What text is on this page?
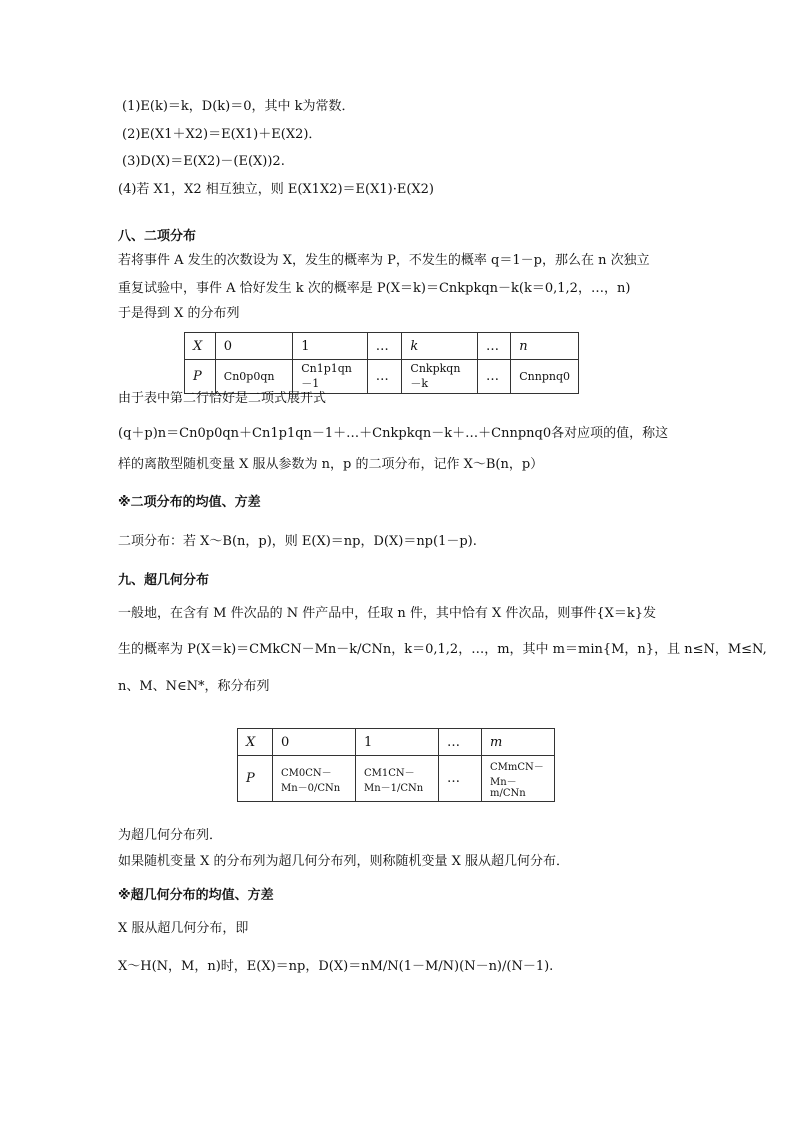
(1)E(k)＝k，D(k)＝0，其中 k为常数．
(2)E(X1＋X2)＝E(X1)＋E(X2)．
(3)D(X)＝E(X2)－(E(X))2.
(4)若 X1，X2 相互独立，则 E(X1X2)＝E(X1)·E(X2)
八、二项分布
若将事件 A 发生的次数设为 X，发生的概率为 P，不发生的概率 q＝1－p，那么在 n 次独立
重复试验中，事件 A 恰好发生 k 次的概率是 P(X＝k)＝Cnkpkqn－k(k＝0,1,2，…，n)
于是得到 X 的分布列
X	0	1	…	k	…	n
P	Cn0p0qn	Cn1p1qn－1	…	Cnkpkqn－k	…	Cnnpnq0
由于表中第二行恰好是二项式展开式
(q＋p)n＝Cn0p0qn＋Cn1p1qn－1＋…＋Cnkpkqn－k＋…＋Cnnpnq0各对应项的值，称这
样的离散型随机变量 X 服从参数为 n，p 的二项分布，记作 X～B(n，p）
※二项分布的均值、方差
二项分布：若 X～B(n，p)，则 E(X)＝np，D(X)＝np(1－p).
九、超几何分布
一般地，在含有 M 件次品的 N 件产品中，任取 n 件，其中恰有 X 件次品，则事件{X＝k}发
生的概率为 P(X＝k)＝CMkCN－Mn－k/CNn，k＝0,1,2，…，m，其中 m＝min{M，n}，且 n≤N，M≤N,
n、M、N∈N*，称分布列
X	0	1	…	m
P	CM0CN－Mn－0/CNn	CM1CN－Mn－1/CNn	…	CMmCN－Mn－m/CNn
为超几何分布列．
如果随机变量 X 的分布列为超几何分布列，则称随机变量 X 服从超几何分布．
※超几何分布的均值、方差
X 服从超几何分布，即
X～H(N，M，n)时，E(X)＝np，D(X)＝nM/N(1－M/N)(N－n)/(N－1).
